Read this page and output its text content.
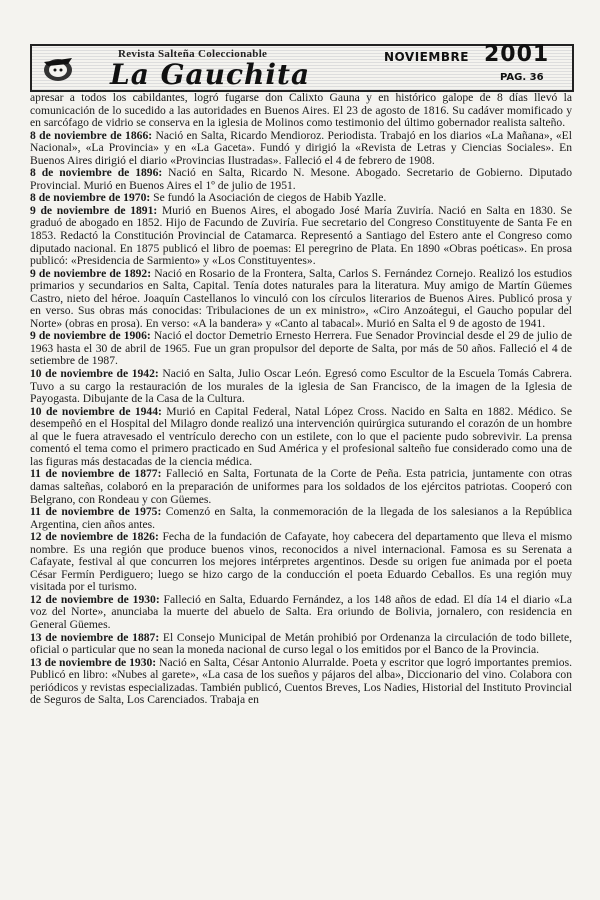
Revista Salteña Coleccionable
La Gauchita
NOVIEMBRE 2001
PAG. 36

apresar a todos los cabildantes, logró fugarse don Calixto Gauna y en histórico galope de 8 días llevó la comunicación de lo sucedido a las autoridades en Buenos Aires. El 23 de agosto de 1816. Su cadáver momificado y en sarcófago de vidrio se conserva en la iglesia de Molinos como testimonio del último gobernador realista salteño.

8 de noviembre de 1866: Nació en Salta, Ricardo Mendioroz. Periodista. Trabajó en los diarios «La Mañana», «El Nacional», «La Provincia» y en «La Gaceta». Fundó y dirigió la «Revista de Letras y Ciencias Sociales». En Buenos Aires dirigió el diario «Provincias Ilustradas». Falleció el 4 de febrero de 1908.

8 de noviembre de 1896: Nació en Salta, Ricardo N. Mesone. Abogado. Secretario de Gobierno. Diputado Provincial. Murió en Buenos Aires el 1º de julio de 1951.

8 de noviembre de 1970: Se fundó la Asociación de ciegos de Habib Yazlle.

9 de noviembre de 1891: Murió en Buenos Aires, el abogado José María Zuviría. Nació en Salta en 1830. Se graduó de abogado en 1852. Hijo de Facundo de Zuviría. Fue secretario del Congreso Constituyente de Santa Fe en 1853. Redactó la Constitución Provincial de Catamarca. Representó a Santiago del Estero ante el Congreso como diputado nacional. En 1875 publicó el libro de poemas: El peregrino de Plata. En 1890 «Obras poéticas». En prosa publicó: «Presidencia de Sarmiento» y «Los Constituyentes».

9 de noviembre de 1892: Nació en Rosario de la Frontera, Salta, Carlos S. Fernández Cornejo. Realizó los estudios primarios y secundarios en Salta, Capital. Tenía dotes naturales para la literatura. Muy amigo de Martín Güemes Castro, nieto del héroe. Joaquín Castellanos lo vinculó con los círculos literarios de Buenos Aires. Publicó prosa y en verso. Sus obras más conocidas: Tribulaciones de un ex ministro», «Ciro Anzoátegui, el Gaucho popular del Norte» (obras en prosa). En verso: «A la bandera» y «Canto al tabacal». Murió en Salta el 9 de agosto de 1941.

9 de noviembre de 1906: Nació el doctor Demetrio Ernesto Herrera. Fue Senador Provincial desde el 29 de julio de 1963 hasta el 30 de abril de 1965. Fue un gran propulsor del deporte de Salta, por más de 50 años. Falleció el 4 de setiembre de 1987.

10 de noviembre de 1942: Nació en Salta, Julio Oscar León. Egresó como Escultor de la Escuela Tomás Cabrera. Tuvo a su cargo la restauración de los murales de la iglesia de San Francisco, de la imagen de la Iglesia de Payogasta. Dibujante de la Casa de la Cultura.

10 de noviembre de 1944: Murió en Capital Federal, Natal López Cross. Nacido en Salta en 1882. Médico. Se desempeñó en el Hospital del Milagro donde realizó una intervención quirúrgica suturando el corazón de un hombre al que le fuera atravesado el ventrículo derecho con un estilete, con lo que el paciente pudo sobrevivir. La prensa comentó el tema como el primero practicado en Sud América y el profesional salteño fue considerado como una de las figuras más destacadas de la ciencia médica.

11 de noviembre de 1877: Falleció en Salta, Fortunata de la Corte de Peña. Esta patricia, juntamente con otras damas salteñas, colaboró en la preparación de uniformes para los soldados de los ejércitos patriotas. Cooperó con Belgrano, con Rondeau y con Güemes.

11 de noviembre de 1975: Comenzó en Salta, la conmemoración de la llegada de los salesianos a la República Argentina, cien años antes.

12 de noviembre de 1826: Fecha de la fundación de Cafayate, hoy cabecera del departamento que lleva el mismo nombre. Es una región que produce buenos vinos, reconocidos a nivel internacional. Famosa es su Serenata a Cafayate, festival al que concurren los mejores intérpretes argentinos. Desde su origen fue animada por el poeta César Fermín Perdiguero; luego se hizo cargo de la conducción el poeta Eduardo Ceballos. Es una región muy visitada por el turismo.

12 de noviembre de 1930: Falleció en Salta, Eduardo Fernández, a los 148 años de edad. El día 14 el diario «La voz del Norte», anunciaba la muerte del abuelo de Salta. Era oriundo de Bolivia, jornalero, con residencia en General Güemes.

13 de noviembre de 1887: El Consejo Municipal de Metán prohibió por Ordenanza la circulación de todo billete, oficial o particular que no sean la moneda nacional de curso legal o los emitidos por el Banco de la Provincia.

13 de noviembre de 1930: Nació en Salta, César Antonio Alurralde. Poeta y escritor que logró importantes premios. Publicó en libro: «Nubes al garete», «La casa de los sueños y pájaros del alba», Diccionario del vino. Colabora con periódicos y revistas especializadas. También publicó, Cuentos Breves, Los Nadies, Historial del Instituto Provincial de Seguros de Salta, Los Carenciados. Trabaja en
